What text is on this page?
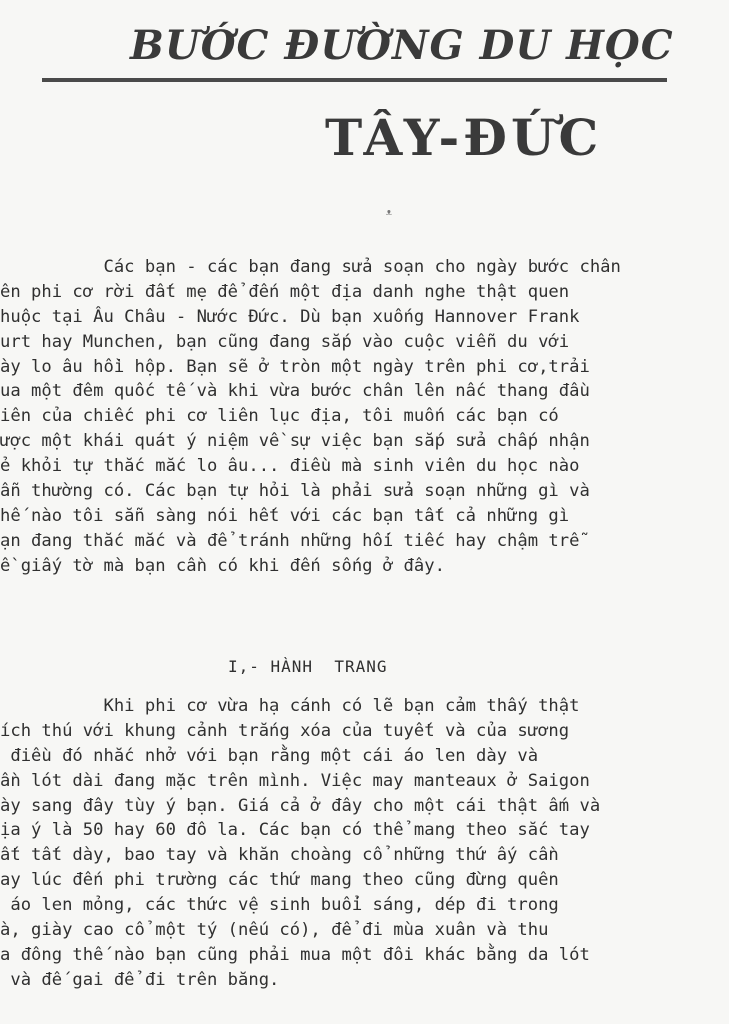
BƯỚC ĐƯỜNG DU HỌC
TÂY-ĐỨC
ᴥ
Các bạn - các bạn đang sửa soạn cho ngày bước chân
ên phi cơ rời đất mẹ để đến một địa danh nghe thật quen
huộc tại Âu Châu - Nước Đức. Dù bạn xuống Hannover Frank
urt hay Munchen, bạn cũng đang sắp vào cuộc viễn du với
ày lo âu hồi hộp. Bạn sẽ ở tròn một ngày trên phi cơ,trải
ua một đêm quốc tế và khi vừa bước chân lên nấc thang đầu
iên của chiếc phi cơ liên lục địa, tôi muốn các bạn có
ược một khái quát ý niệm về sự việc bạn sắp sửa chấp nhận
ẻ khỏi tự thắc mắc lo âu... điều mà sinh viên du học nào
ẫn thường có. Các bạn tự hỏi là phải sửa soạn những gì và
hế nào tôi sẵn sàng nói hết với các bạn tất cả những gì
ạn đang thắc mắc và để tránh những hối tiếc hay chậm trễ
ề giấy tờ mà bạn cần có khi đến sống ở đây.
I,- HÀNH  TRANG
Khi phi cơ vừa hạ cánh có lẽ bạn cảm thấy thật
ích thú với khung cảnh trắng xóa của tuyết và của sương
điều đó nhắc nhở với bạn rằng một cái áo len dày và
ần lót dài đang mặc trên mình. Việc may manteaux ở Saigon
ày sang đây tùy ý bạn. Giá cả ở đây cho một cái thật ấm và
ịa ý là 50 hay 60 đô la. Các bạn có thể mang theo sắc tay
ất tất dày, bao tay và khăn choàng cổ những thứ ấy cần
ay lúc đến phi trường các thứ mang theo cũng đừng quên
áo len mỏng, các thức vệ sinh buổi sáng, dép đi trong
à, giày cao cổ một tý (nếu có), để đi mùa xuân và thu
a đông thế nào bạn cũng phải mua một đôi khác bằng da lót
và đế gai để đi trên băng.
